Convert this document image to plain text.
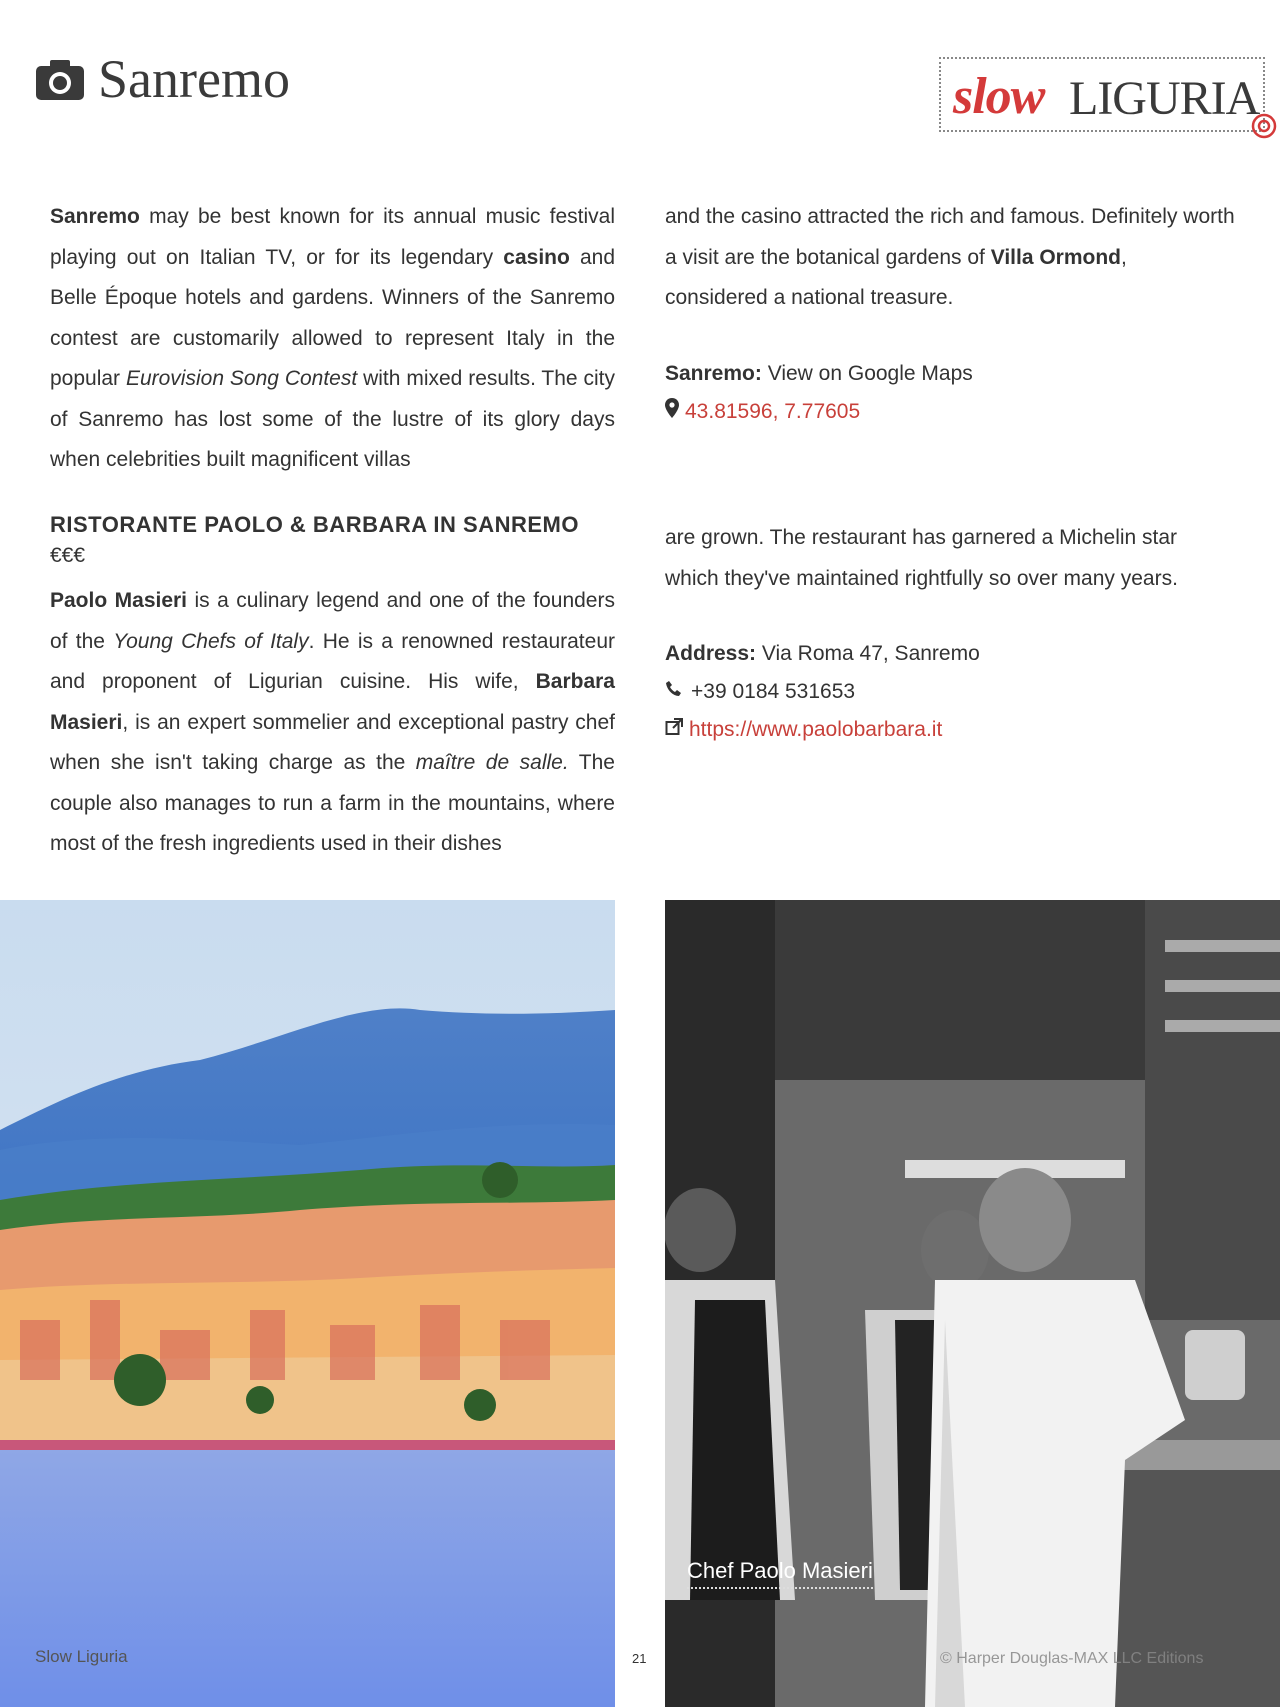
Sanremo	slow LIGURIA

Sanremo may be best known for its annual music festival playing out on Italian TV, or for its legendary casino and Belle Époque hotels and gardens. Winners of the Sanremo contest are customarily allowed to represent Italy in the popular Eurovision Song Contest with mixed results. The city of Sanremo has lost some of the lustre of its glory days when celebrities built magnificent villas

and the casino attracted the rich and famous. Definitely worth a visit are the botanical gardens of Villa Ormond, considered a national treasure.

Sanremo: View on Google Maps
43.81596, 7.77605
RISTORANTE PAOLO & BARBARA IN SANREMO
€€€

Paolo Masieri is a culinary legend and one of the founders of the Young Chefs of Italy. He is a renowned restaurateur and proponent of Ligurian cuisine. His wife, Barbara Masieri, is an expert sommelier and exceptional pastry chef when she isn't taking charge as the maître de salle. The couple also manages to run a farm in the mountains, where most of the fresh ingredients used in their dishes

are grown. The restaurant has garnered a Michelin star which they've maintained rightfully so over many years.

Address: Via Roma 47, Sanremo
+39 0184 531653
https://www.paolobarbara.it
Chef Paolo Masieri
Slow Liguria	21	© Harper Douglas-MAX LLC Editions
